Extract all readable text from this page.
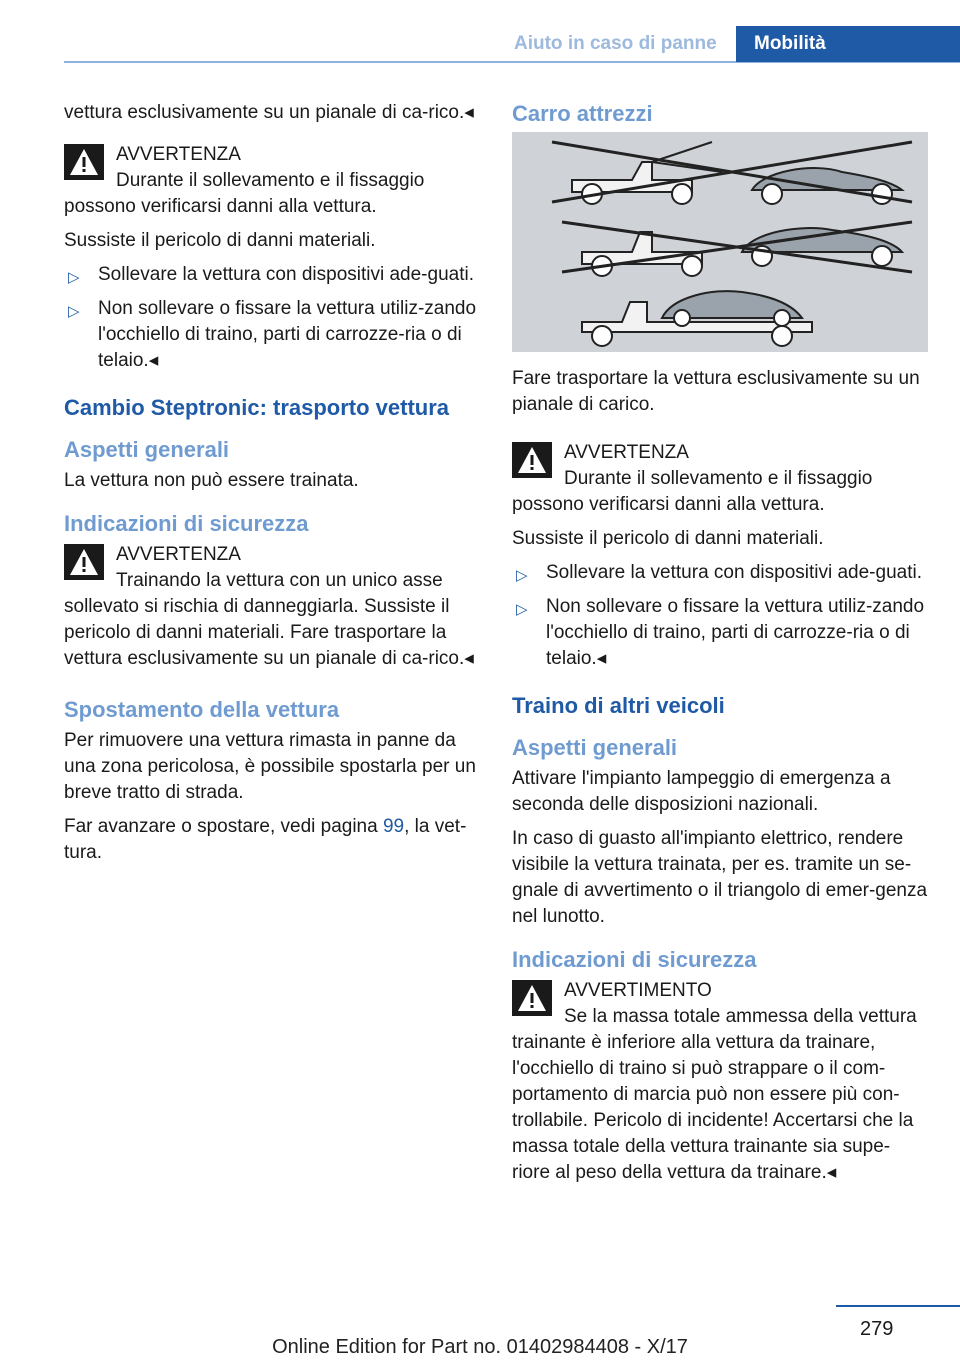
Aiuto in caso di panne	Mobilità

vettura esclusivamente su un pianale di ca-rico.◂

AVVERTENZA
Durante il sollevamento e il fissaggio possono verificarsi danni alla vettura.

Sussiste il pericolo di danni materiali.

▷ Sollevare la vettura con dispositivi ade-guati.
▷ Non sollevare o fissare la vettura utiliz-zando l'occhiello di traino, parti di carrozze-ria o di telaio.◂
Cambio Steptronic: trasporto vettura
Aspetti generali

La vettura non può essere trainata.

Indicazioni di sicurezza
AVVERTENZA
Trainando la vettura con un unico asse sollevato si rischia di danneggiarla. Sussiste il pericolo di danni materiali. Fare trasportare la vettura esclusivamente su un pianale di ca-rico.◂
Spostamento della vettura

Per rimuovere una vettura rimasta in panne da una zona pericolosa, è possibile spostarla per un breve tratto di strada.

Far avanzare o spostare, vedi pagina 99, la vet-tura.

Carro attrezzi

Fare trasportare la vettura esclusivamente su un pianale di carico.

AVVERTENZA
Durante il sollevamento e il fissaggio possono verificarsi danni alla vettura.

Sussiste il pericolo di danni materiali.

▷ Sollevare la vettura con dispositivi ade-guati.
▷ Non sollevare o fissare la vettura utiliz-zando l'occhiello di traino, parti di carrozze-ria o di telaio.◂
Traino di altri veicoli
Aspetti generali

Attivare l'impianto lampeggio di emergenza a seconda delle disposizioni nazionali.

In caso di guasto all'impianto elettrico, rendere visibile la vettura trainata, per es. tramite un se-gnale di avvertimento o il triangolo di emer-genza nel lunotto.

Indicazioni di sicurezza
AVVERTIMENTO
Se la massa totale ammessa della vettura trainante è inferiore alla vettura da trainare, l'occhiello di traino si può strappare o il com-portamento di marcia può non essere più con-trollabile. Pericolo di incidente! Accertarsi che la massa totale della vettura trainante sia supe-riore al peso della vettura da trainare.◂
279
Online Edition for Part no. 01402984408 - X/17
